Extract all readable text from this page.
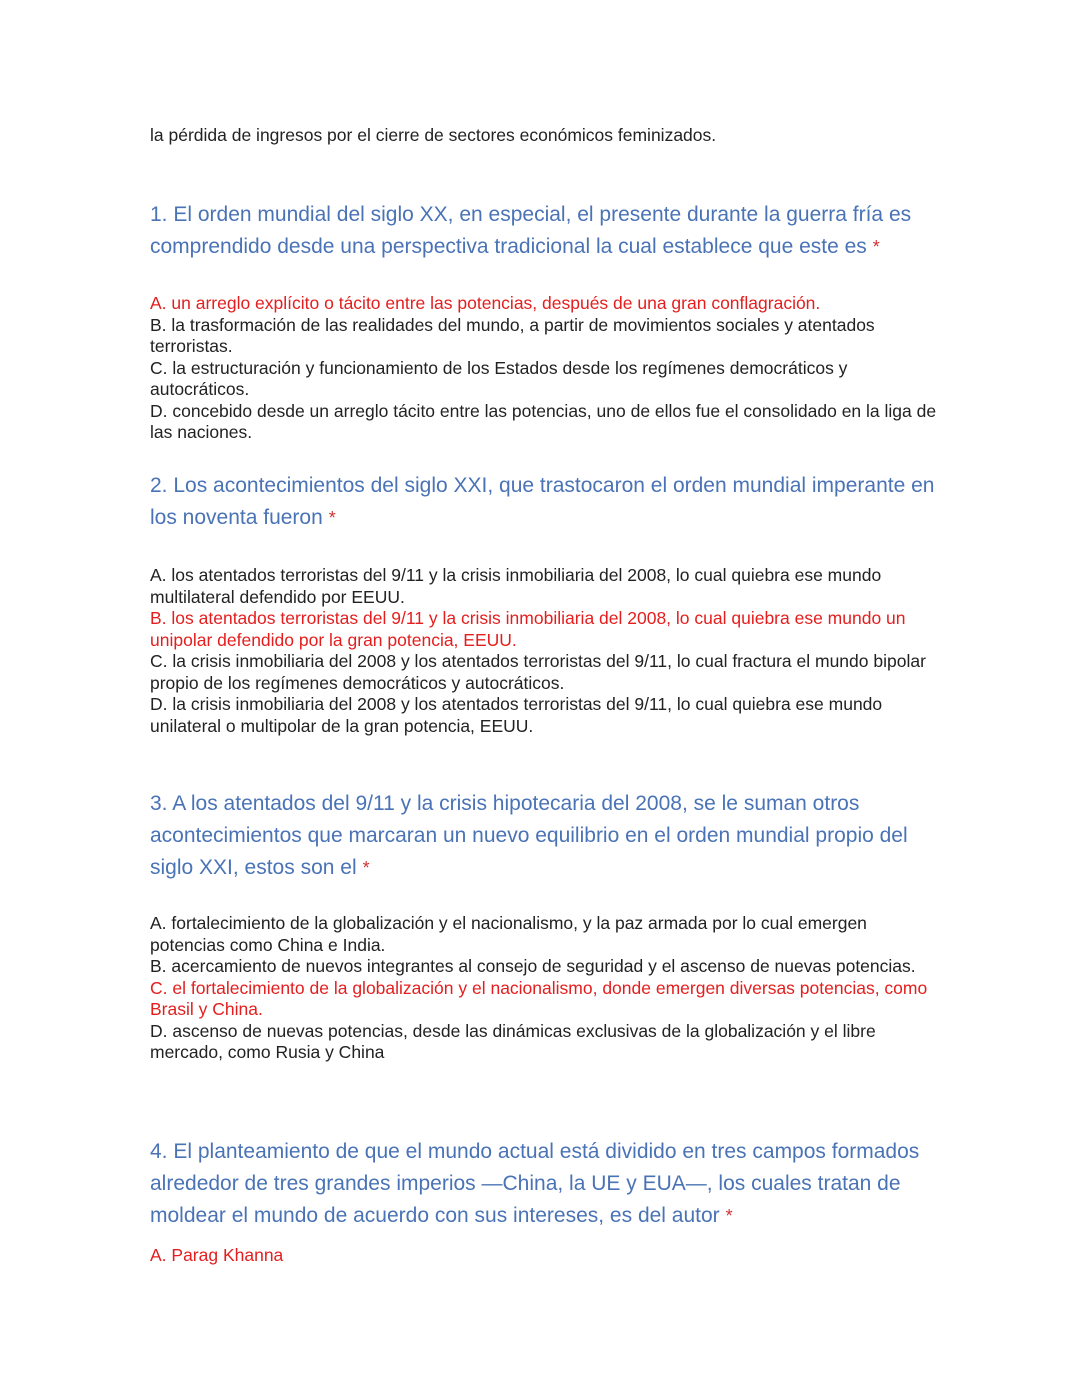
la pérdida de ingresos por el cierre de sectores económicos feminizados.
1. El orden mundial del siglo XX, en especial, el presente durante la guerra fría es comprendido desde una perspectiva tradicional la cual establece que este es *

A. un arreglo explícito o tácito entre las potencias, después de una gran conflagración.

B. la trasformación de las realidades del mundo, a partir de movimientos sociales y atentados terroristas.

C. la estructuración y funcionamiento de los Estados desde los regímenes democráticos y autocráticos.

D. concebido desde un arreglo tácito entre las potencias, uno de ellos fue el consolidado en la liga de las naciones.

2. Los acontecimientos del siglo XXI, que trastocaron el orden mundial imperante en los noventa fueron *

A. los atentados terroristas del 9/11 y la crisis inmobiliaria del 2008, lo cual quiebra ese mundo multilateral defendido por EEUU.

B. los atentados terroristas del 9/11 y la crisis inmobiliaria del 2008, lo cual quiebra ese mundo un unipolar defendido por la gran potencia, EEUU.

C. la crisis inmobiliaria del 2008 y los atentados terroristas del 9/11, lo cual fractura el mundo bipolar propio de los regímenes democráticos y autocráticos.

D. la crisis inmobiliaria del 2008 y los atentados terroristas del 9/11, lo cual quiebra ese mundo unilateral o multipolar de la gran potencia, EEUU.

3. A los atentados del 9/11 y la crisis hipotecaria del 2008, se le suman otros acontecimientos que marcaran un nuevo equilibrio en el orden mundial propio del siglo XXI, estos son el *

A. fortalecimiento de la globalización y el nacionalismo, y la paz armada por lo cual emergen potencias como China e India.

B. acercamiento de nuevos integrantes al consejo de seguridad y el ascenso de nuevas potencias.

C. el fortalecimiento de la globalización y el nacionalismo, donde emergen diversas potencias, como Brasil y China.

D. ascenso de nuevas potencias, desde las dinámicas exclusivas de la globalización y el libre mercado, como Rusia y China

4. El planteamiento de que el mundo actual está dividido en tres campos formados alrededor de tres grandes imperios —China, la UE y EUA—, los cuales tratan de moldear el mundo de acuerdo con sus intereses, es del autor *

A. Parag Khanna
